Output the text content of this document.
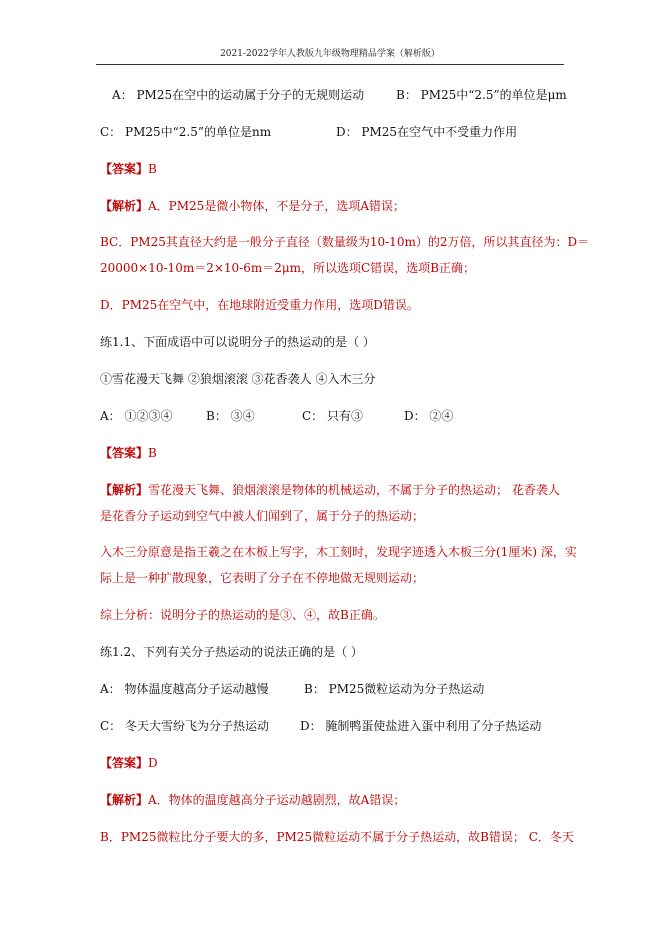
2021-2022学年人教版九年级物理精品学案（解析版）
A： PM25在空中的运动属于分子的无规则运动	B： PM25中“2.5”的单位是μm
C： PM25中“2.5”的单位是nm	D： PM25在空气中不受重力作用
【答案】B
【解析】A．PM25是微小物体，不是分子，选项A错误；
BC．PM25其直径大约是一般分子直径（数量级为10-10m）的2万倍，所以其直径为：D＝
20000×10-10m＝2×10-6m＝2μm，所以选项C错误，选项B正确；
D．PM25在空气中，在地球附近受重力作用，选项D错误。
练1.1、下面成语中可以说明分子的热运动的是（ ）
①雪花漫天飞舞 ②狼烟滚滚 ③花香袭人 ④入木三分
A： ①②③④	B： ③④	C： 只有③	D： ②④
【答案】B
【解析】雪花漫天飞舞、狼烟滚滚是物体的机械运动，不属于分子的热运动； 花香袭人
是花香分子运动到空气中被人们闻到了，属于分子的热运动；
入木三分原意是指王羲之在木板上写字，木工刻时，发现字迹透入木板三分(1厘米) 深，实
际上是一种扩散现象，它表明了分子在不停地做无规则运动；
综上分析：说明分子的热运动的是③、④，故B正确。
练1.2、下列有关分子热运动的说法正确的是（ ）
A： 物体温度越高分子运动越慢	B： PM25微粒运动为分子热运动
C： 冬天大雪纷飞为分子热运动	D： 腌制鸭蛋使盐进入蛋中利用了分子热运动
【答案】D
【解析】A．物体的温度越高分子运动越剧烈，故A错误；
B．PM25微粒比分子要大的多，PM25微粒运动不属于分子热运动，故B错误； C．冬天
